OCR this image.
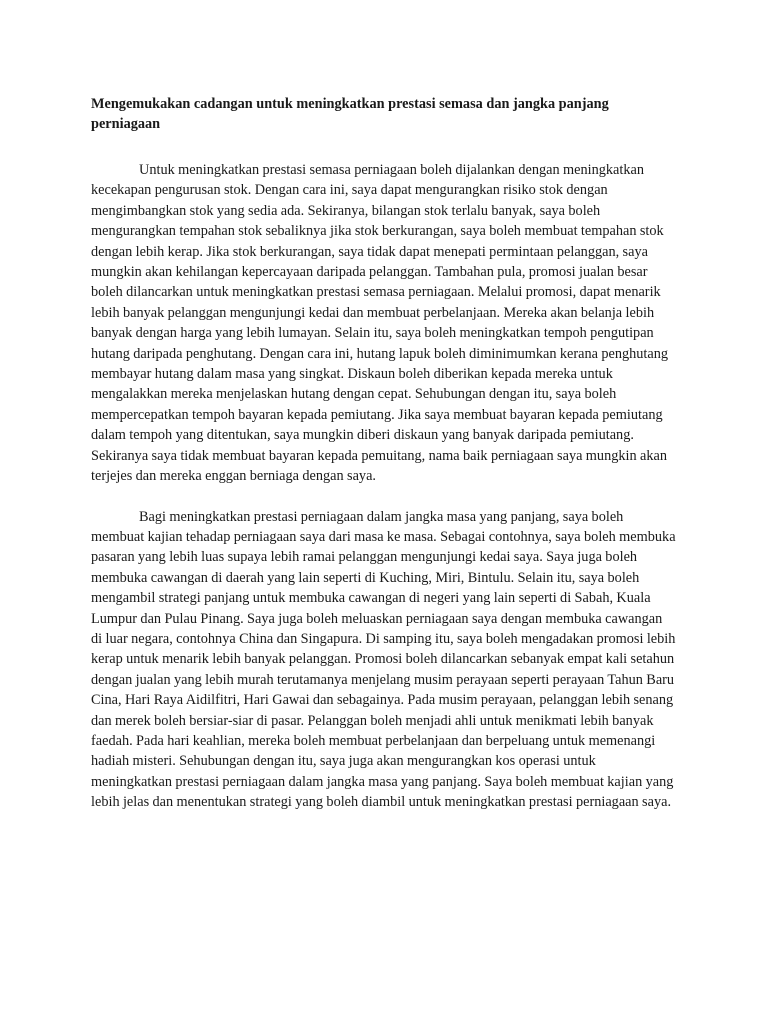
Mengemukakan cadangan untuk meningkatkan prestasi semasa dan jangka panjang perniagaan

Untuk meningkatkan prestasi semasa perniagaan boleh dijalankan dengan meningkatkan kecekapan pengurusan stok. Dengan cara ini, saya dapat mengurangkan risiko stok dengan mengimbangkan stok yang sedia ada. Sekiranya, bilangan stok terlalu banyak, saya boleh mengurangkan tempahan stok sebaliknya jika stok berkurangan, saya boleh membuat tempahan stok dengan lebih kerap. Jika stok berkurangan, saya tidak dapat menepati permintaan pelanggan, saya mungkin akan kehilangan kepercayaan daripada pelanggan. Tambahan pula, promosi jualan besar boleh dilancarkan untuk meningkatkan prestasi semasa perniagaan. Melalui promosi, dapat menarik lebih banyak pelanggan mengunjungi kedai dan membuat perbelanjaan. Mereka akan belanja lebih banyak dengan harga yang lebih lumayan. Selain itu, saya boleh meningkatkan tempoh pengutipan hutang daripada penghutang. Dengan cara ini, hutang lapuk boleh diminimumkan kerana penghutang membayar hutang dalam masa yang singkat. Diskaun boleh diberikan kepada mereka untuk mengalakkan mereka menjelaskan hutang dengan cepat. Sehubungan dengan itu, saya boleh mempercepatkan tempoh bayaran kepada pemiutang. Jika saya membuat bayaran kepada pemiutang dalam tempoh yang ditentukan, saya mungkin diberi diskaun yang banyak daripada pemiutang. Sekiranya saya tidak membuat bayaran kepada pemuitang, nama baik perniagaan saya mungkin akan terjejes dan mereka enggan berniaga dengan saya.

Bagi meningkatkan prestasi perniagaan dalam jangka masa yang panjang, saya boleh membuat kajian tehadap perniagaan saya dari masa ke masa. Sebagai contohnya, saya boleh membuka pasaran yang lebih luas supaya lebih ramai pelanggan mengunjungi kedai saya. Saya juga boleh membuka cawangan di daerah yang lain seperti di Kuching, Miri, Bintulu. Selain itu, saya boleh mengambil strategi panjang untuk membuka cawangan di negeri yang lain seperti di Sabah, Kuala Lumpur dan Pulau Pinang. Saya juga boleh meluaskan perniagaan saya dengan membuka cawangan di luar negara, contohnya China dan Singapura. Di samping itu, saya boleh mengadakan promosi lebih kerap untuk menarik lebih banyak pelanggan. Promosi boleh dilancarkan sebanyak empat kali setahun dengan jualan yang lebih murah terutamanya menjelang musim perayaan seperti perayaan Tahun Baru Cina, Hari Raya Aidilfitri, Hari Gawai dan sebagainya. Pada musim perayaan, pelanggan lebih senang dan merek boleh bersiar-siar di pasar. Pelanggan boleh menjadi ahli untuk menikmati lebih banyak faedah. Pada hari keahlian, mereka boleh membuat perbelanjaan dan berpeluang untuk memenangi hadiah misteri. Sehubungan dengan itu, saya juga akan mengurangkan kos operasi untuk meningkatkan prestasi perniagaan dalam jangka masa yang panjang. Saya boleh membuat kajian yang lebih jelas dan menentukan strategi yang boleh diambil untuk meningkatkan prestasi perniagaan saya.
